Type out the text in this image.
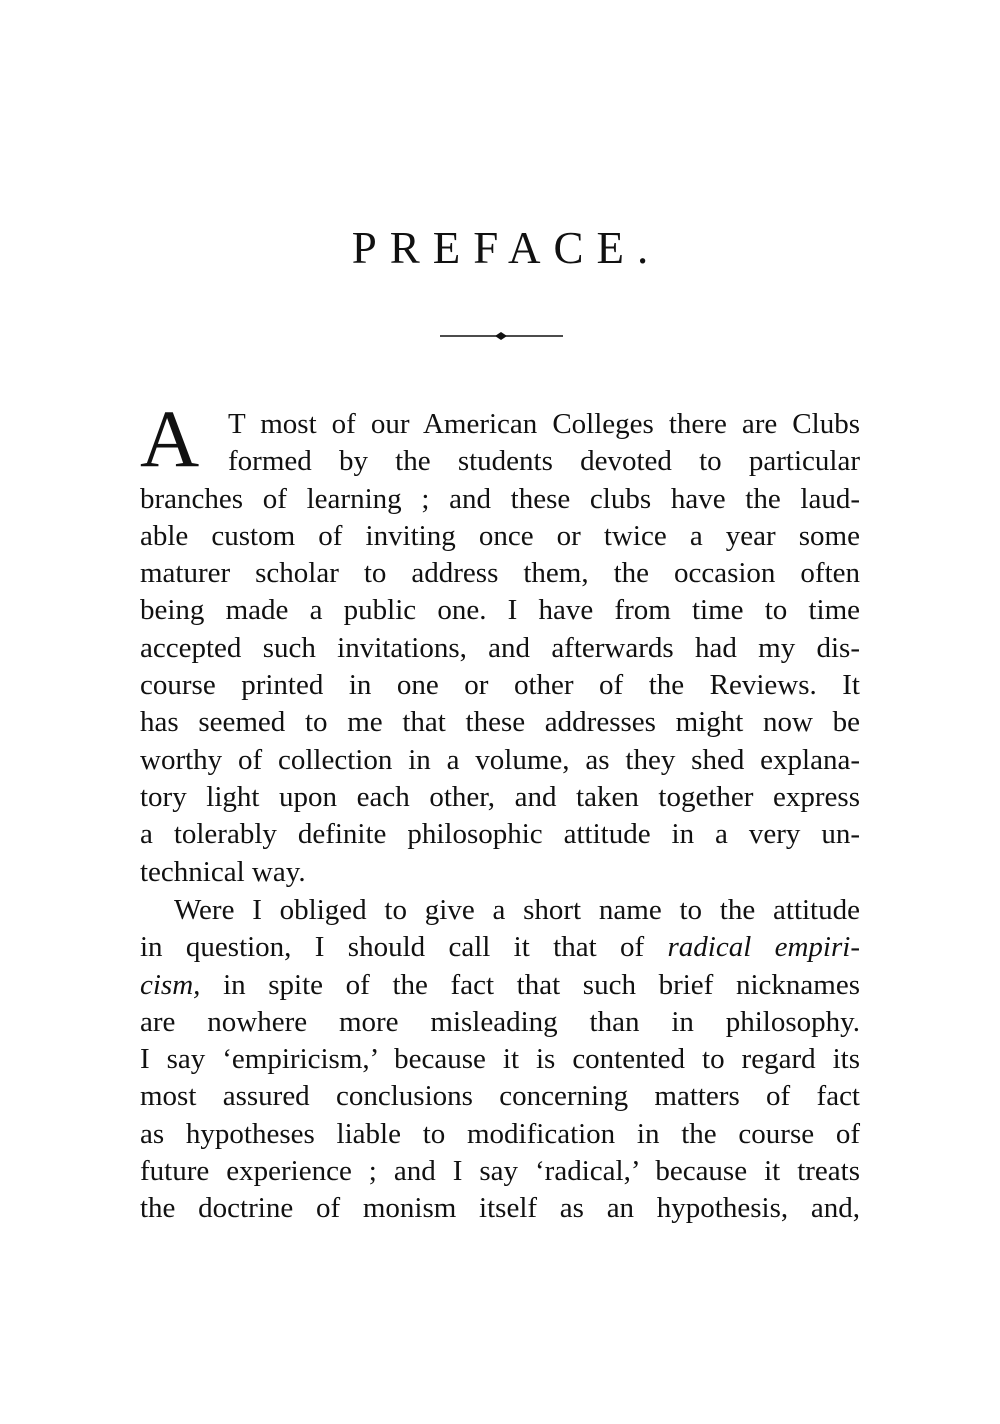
PREFACE.
A T most of our American Colleges there are Clubs
formed by the students devoted to particular
branches of learning ; and these clubs have the laud-
able custom of inviting once or twice a year some
maturer scholar to address them, the occasion often
being made a public one. I have from time to time
accepted such invitations, and afterwards had my dis-
course printed in one or other of the Reviews. It
has seemed to me that these addresses might now be
worthy of collection in a volume, as they shed explana-
tory light upon each other, and taken together express
a tolerably definite philosophic attitude in a very un-
technical way.
Were I obliged to give a short name to the attitude
in question, I should call it that of radical empiri-
cism, in spite of the fact that such brief nicknames
are nowhere more misleading than in philosophy.
I say ‘empiricism,’ because it is contented to regard its
most assured conclusions concerning matters of fact
as hypotheses liable to modification in the course of
future experience ; and I say ‘radical,’ because it treats
the doctrine of monism itself as an hypothesis, and,
